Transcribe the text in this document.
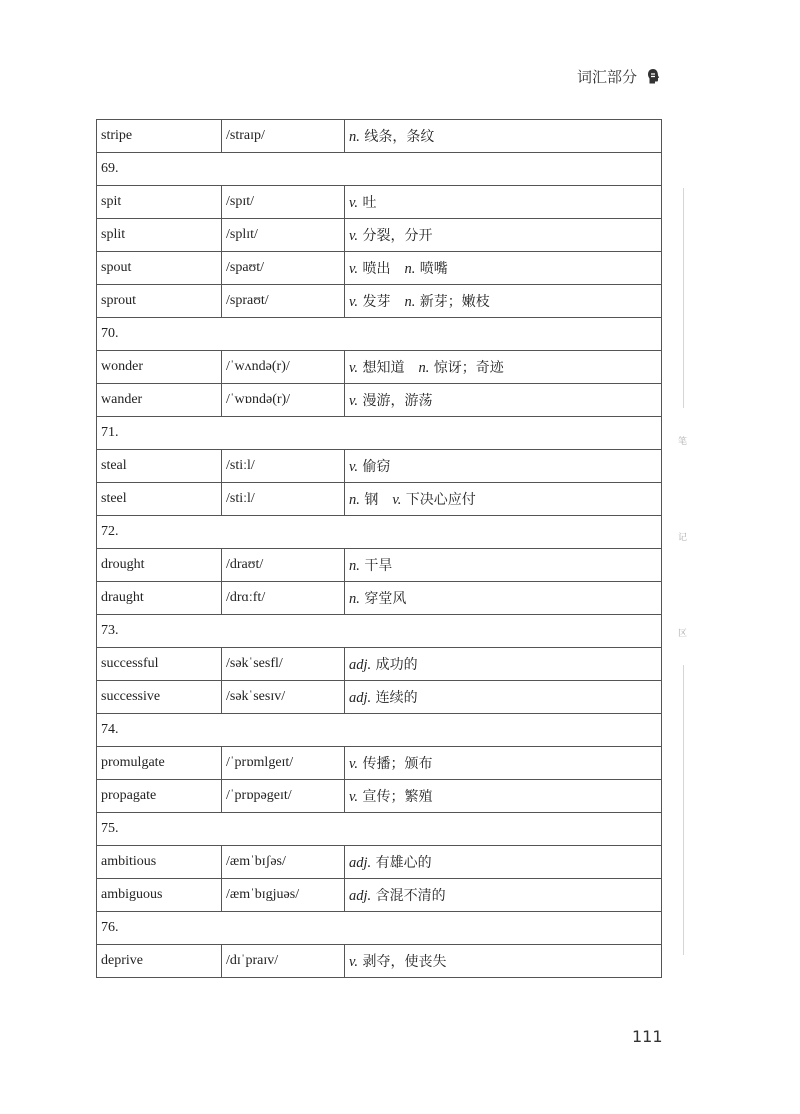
词汇部分
stripe	/straɪp/	n. 线条，条纹
69.		
spit	/spɪt/	v. 吐
split	/splɪt/	v. 分裂，分开
spout	/spaʊt/	v. 喷出 n. 喷嘴
sprout	/spraʊt/	v. 发芽 n. 新芽；嫩枝
70.		
wonder	/ˈwʌndə(r)/	v. 想知道 n. 惊讶；奇迹
wander	/ˈwɒndə(r)/	v. 漫游，游荡
71.		
steal	/stiːl/	v. 偷窃
steel	/stiːl/	n. 钢 v. 下决心应付
72.		
drought	/draʊt/	n. 干旱
draught	/drɑːft/	n. 穿堂风
73.		
successful	/səkˈsesfl/	adj. 成功的
successive	/səkˈsesɪv/	adj. 连续的
74.		
promulgate	/ˈprɒmlgeɪt/	v. 传播；颁布
propagate	/ˈprɒpəgeɪt/	v. 宣传；繁殖
75.		
ambitious	/æmˈbɪʃəs/	adj. 有雄心的
ambiguous	/æmˈbɪgjuəs/	adj. 含混不清的
76.		
deprive	/dɪˈpraɪv/	v. 剥夺，使丧失
笔
记
区
111
